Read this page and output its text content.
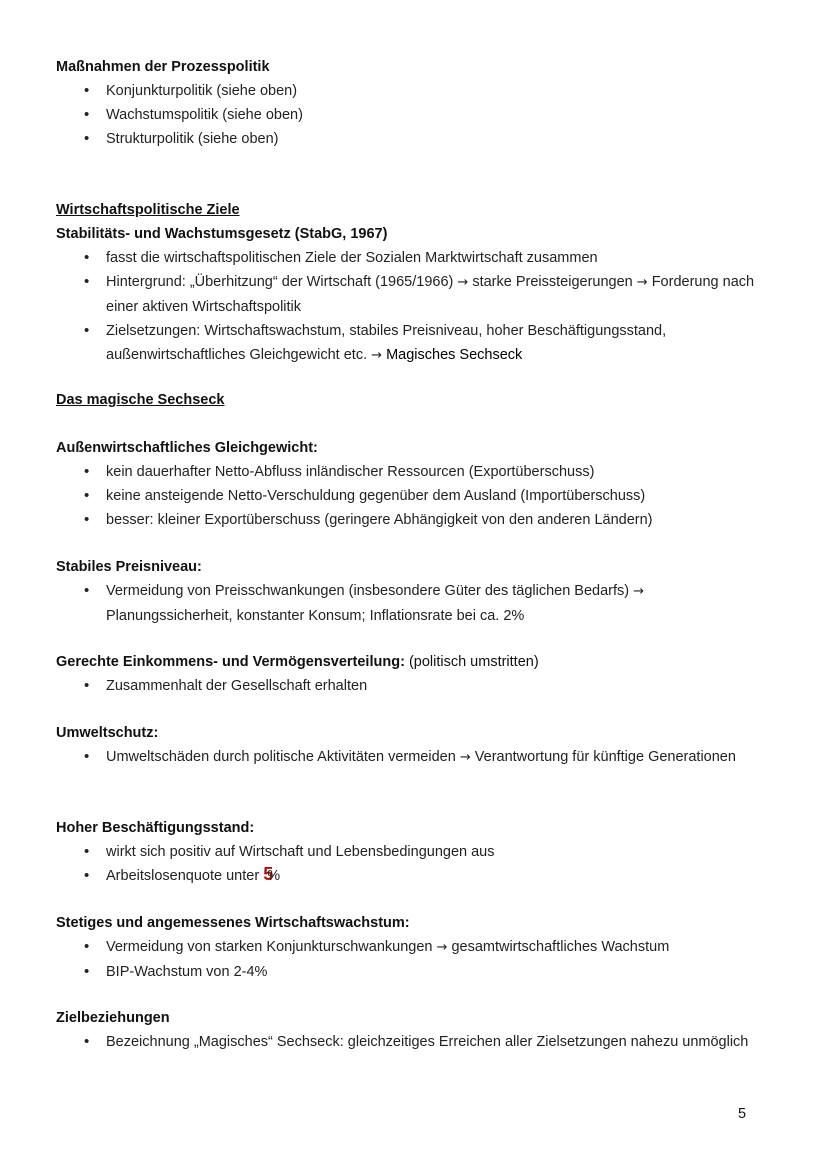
Maßnahmen der Prozesspolitik

• Konjunkturpolitik (siehe oben)
• Wachstumspolitik (siehe oben)
• Strukturpolitik (siehe oben)

Wirtschaftspolitische Ziele

Stabilitäts- und Wachstumsgesetz (StabG, 1967)

• fasst die wirtschaftspolitischen Ziele der Sozialen Marktwirtschaft zusammen
• Hintergrund: „Überhitzung“ der Wirtschaft (1965/1966) → starke Preissteigerungen → Forderung nach einer aktiven Wirtschaftspolitik
• Zielsetzungen: Wirtschaftswachstum, stabiles Preisniveau, hoher Beschäftigungsstand, außenwirtschaftliches Gleichgewicht etc. → Magisches Sechseck

Das magische Sechseck

Außenwirtschaftliches Gleichgewicht:

• kein dauerhafter Netto-Abfluss inländischer Ressourcen (Exportüberschuss)
• keine ansteigende Netto-Verschuldung gegenüber dem Ausland (Importüberschuss)
• besser: kleiner Exportüberschuss (geringere Abhängigkeit von den anderen Ländern)

Stabiles Preisniveau:

• Vermeidung von Preisschwankungen (insbesondere Güter des täglichen Bedarfs) → Planungssicherheit, konstanter Konsum; Inflationsrate bei ca. 2%

Gerechte Einkommens- und Vermögensverteilung: (politisch umstritten)

• Zusammenhalt der Gesellschaft erhalten

Umweltschutz:

• Umweltschäden durch politische Aktivitäten vermeiden → Verantwortung für künftige Generationen

Hoher Beschäftigungsstand:

• wirkt sich positiv auf Wirtschaft und Lebensbedingungen aus
• Arbeitslosenquote unter 5%

Stetiges und angemessenes Wirtschaftswachstum:

• Vermeidung von starken Konjunkturschwankungen → gesamtwirtschaftliches Wachstum
• BIP-Wachstum von 2-4%

Zielbeziehungen

• Bezeichnung „Magisches“ Sechseck: gleichzeitiges Erreichen aller Zielsetzungen nahezu unmöglich
5
